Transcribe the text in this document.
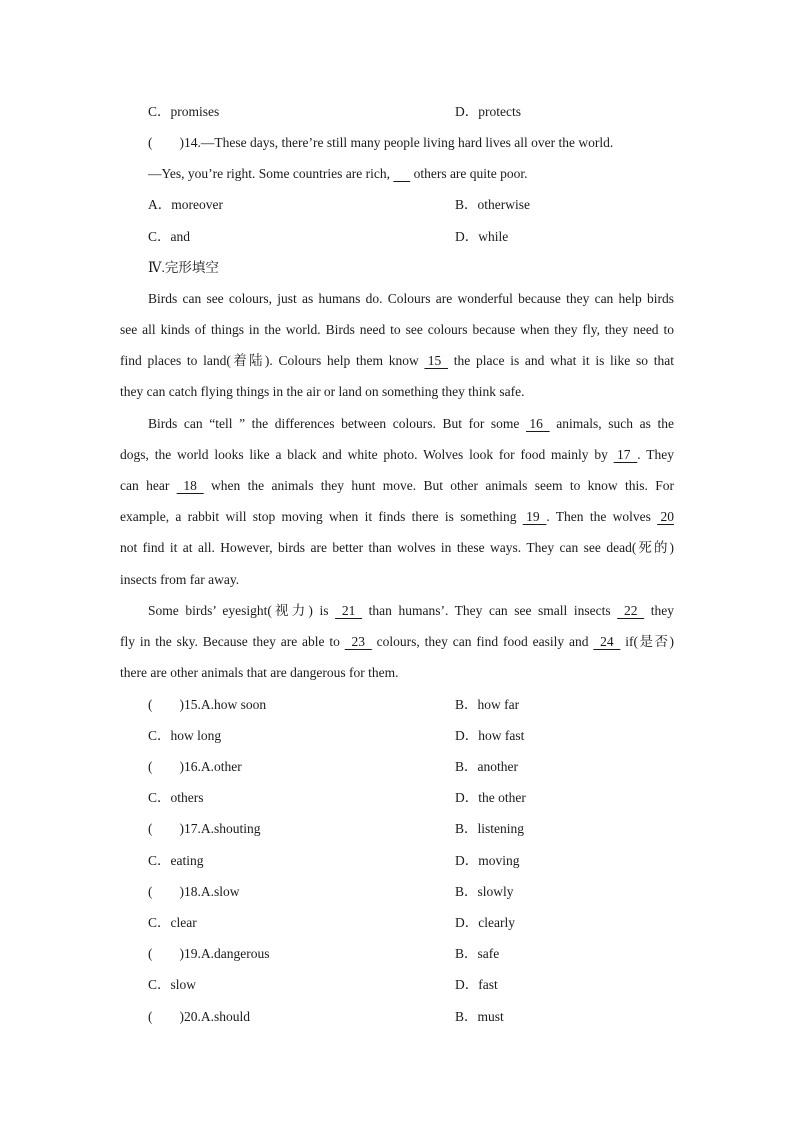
C．promises	D．protects
(　　)14.—These days, there’re still many people living hard lives all over the world.
—Yes, you’re right. Some countries are rich,       others are quite poor.
A．moreover	B．otherwise
C．and	D．while
Ⅳ.完形填空
Birds can see colours, just as humans do. Colours are wonderful because they can help birds
see all kinds of things in the world. Birds need to see colours because when they fly, they need to
find places to land(着陆). Colours help them know  15   the place is and what it is like so that
they can catch flying things in the air or land on something they think safe.
Birds can “tell ” the differences between colours. But for some  16   animals, such as the
dogs, the world looks like a black and white photo. Wolves look for food mainly by  17  . They
can hear   18   when the animals they hunt move. But other animals seem to know this. For
example, a rabbit will stop moving when it finds there is something  19  . Then the wolves  20
not find it at all. However, birds are better than wolves in these ways. They can see dead(死的)
insects from far away.
Some birds’ eyesight(视力) is   21   than humans’. They can see small insects   22   they
fly in the sky. Because they are able to   23   colours, they can find food easily and   24   if(是否)
there are other animals that are dangerous for them.
(　　)15.A.how soon	B．how far
C．how long	D．how fast
(　　)16.A.other	B．another
C．others	D．the other
(　　)17.A.shouting	B．listening
C．eating	D．moving
(　　)18.A.slow	B．slowly
C．clear	D．clearly
(　　)19.A.dangerous	B．safe
C．slow	D．fast
(　　)20.A.should	B．must
